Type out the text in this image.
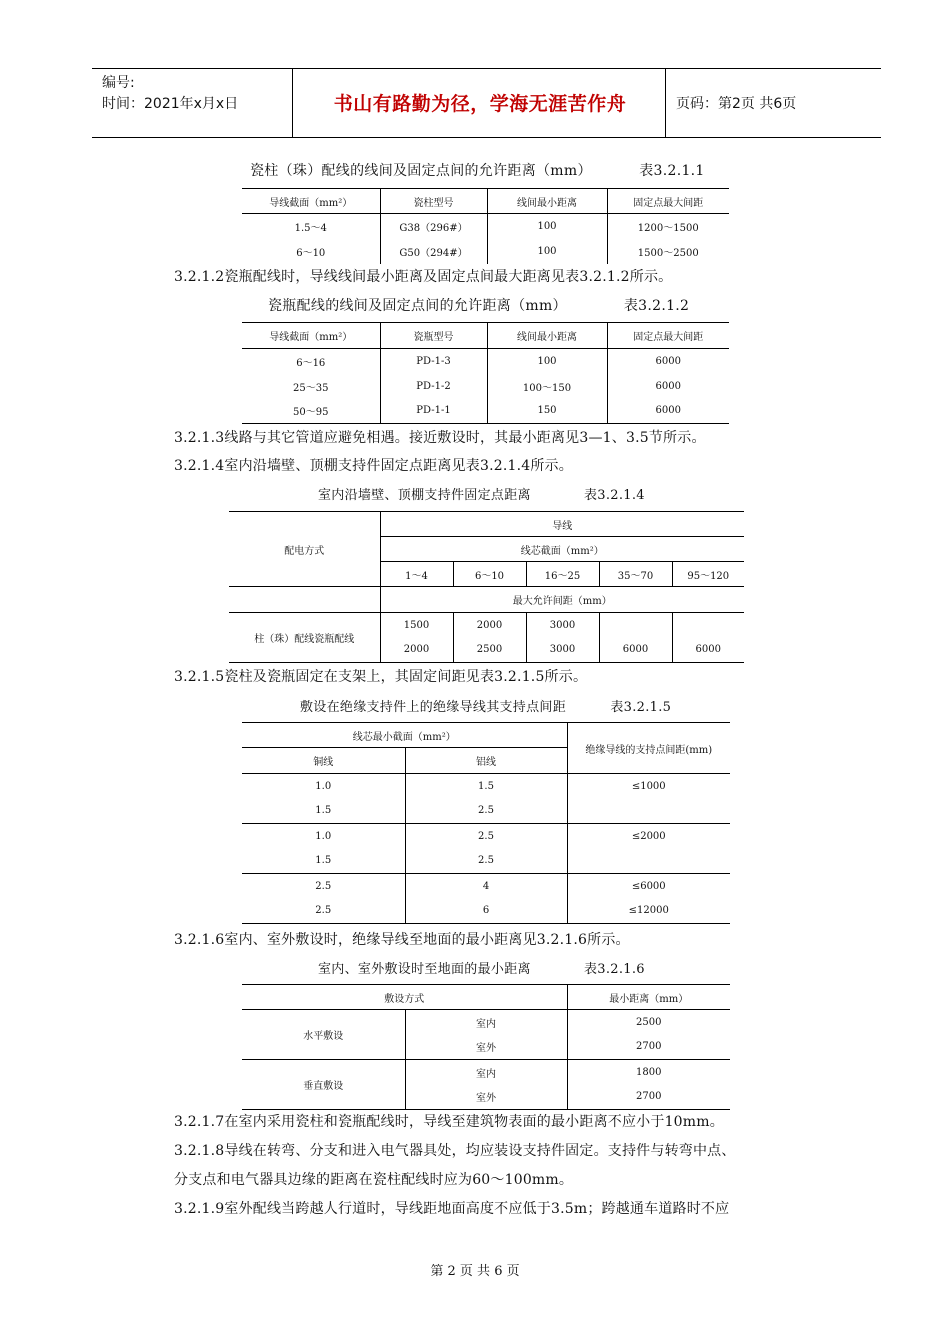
编号:
时间：2021年x月x日	书山有路勤为径，学海无涯苦作舟	页码：第2页 共6页
瓷柱（珠）配线的线间及固定点间的允许距离（mm）          表3.2.1.1
导线截面（mm²）	瓷柱型号	线间最小距离	固定点最大间距
1.5～4	G38（296#）	100	1200～1500
6～10	G50（294#）	100	1500～2500
3.2.1.2瓷瓶配线时，导线线间最小距离及固定点间最大距离见表3.2.1.2所示。
瓷瓶配线的线间及固定点间的允许距离（mm）            表3.2.1.2
导线截面（mm²）	瓷瓶型号	线间最小距离	固定点最大间距
6～16	PD-1-3	100	6000
25～35	PD-1-2	100～150	6000
50～95	PD-1-1	150	6000
3.2.1.3线路与其它管道应避免相遇。接近敷设时，其最小距离见3—1、3.5节所示。
3.2.1.4室内沿墙壁、顶棚支持件固定点距离见表3.2.1.4所示。
室内沿墙壁、顶棚支持件固定点距离            表3.2.1.4
配电方式	导线				
	线芯截面（mm²）				
	1～4	6～10	16～25	35～70	95～120
	最大允许间距（mm）				
柱（珠）配线瓷瓶配线	1500	2000	3000		
	2000	2500	3000	6000	6000
3.2.1.5瓷柱及瓷瓶固定在支架上，其固定间距见表3.2.1.5所示。
敷设在绝缘支持件上的绝缘导线其支持点间距          表3.2.1.5
线芯最小截面（mm²）		绝缘导线的支持点间距(mm)
铜线	铝线	
1.0	1.5	≤1000
1.5	2.5	
1.0	2.5	≤2000
1.5	2.5	
2.5	4	≤6000
2.5	6	≤12000
3.2.1.6室内、室外敷设时，绝缘导线至地面的最小距离见3.2.1.6所示。
室内、室外敷设时至地面的最小距离            表3.2.1.6
敷设方式		最小距离（mm）
水平敷设	室内	2500
	室外	2700
垂直敷设	室内	1800
	室外	2700
3.2.1.7在室内采用瓷柱和瓷瓶配线时，导线至建筑物表面的最小距离不应小于10mm。
3.2.1.8导线在转弯、分支和进入电气器具处，均应装设支持件固定。支持件与转弯中点、
分支点和电气器具边缘的距离在瓷柱配线时应为60～100mm。
3.2.1.9室外配线当跨越人行道时，导线距地面高度不应低于3.5m；跨越通车道路时不应
第 2 页 共 6 页
